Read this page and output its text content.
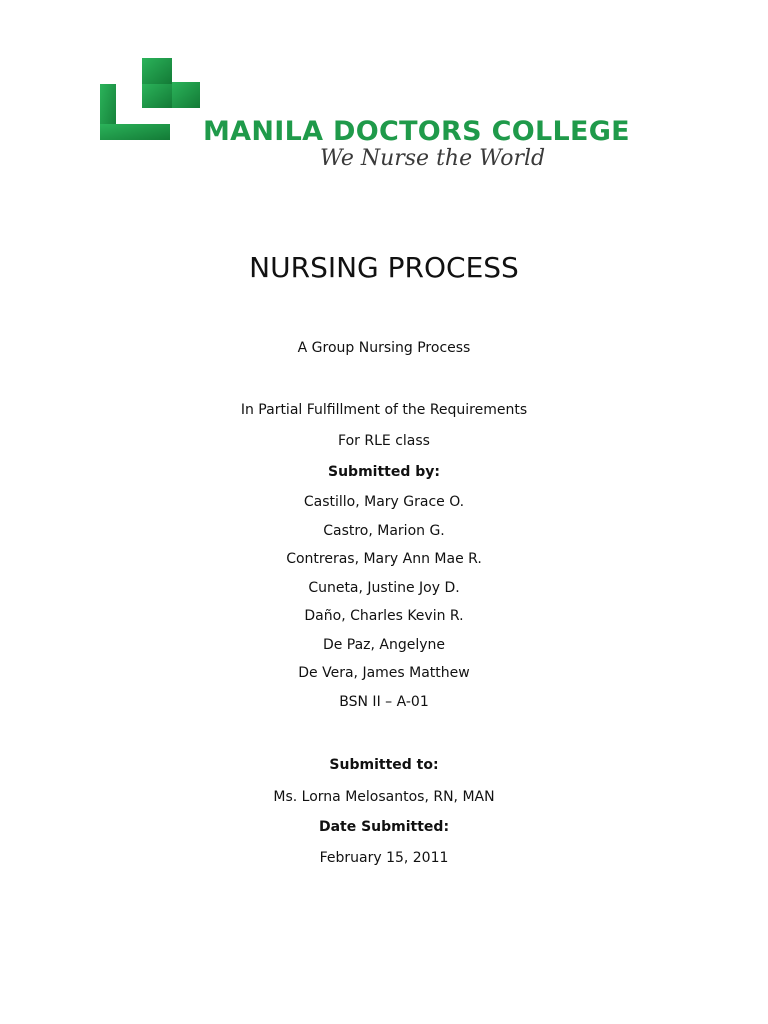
MANILA DOCTORS COLLEGE
We Nurse the World
NURSING PROCESS
A Group Nursing Process
In Partial Fulfillment of the Requirements
For RLE class
Submitted by:
Castillo, Mary Grace O.
Castro, Marion G.
Contreras, Mary Ann Mae R.
Cuneta, Justine Joy D.
Daño, Charles Kevin R.
De Paz, Angelyne
De Vera, James Matthew
BSN II – A-01
Submitted to:
Ms. Lorna Melosantos, RN, MAN
Date Submitted:
February 15, 2011
